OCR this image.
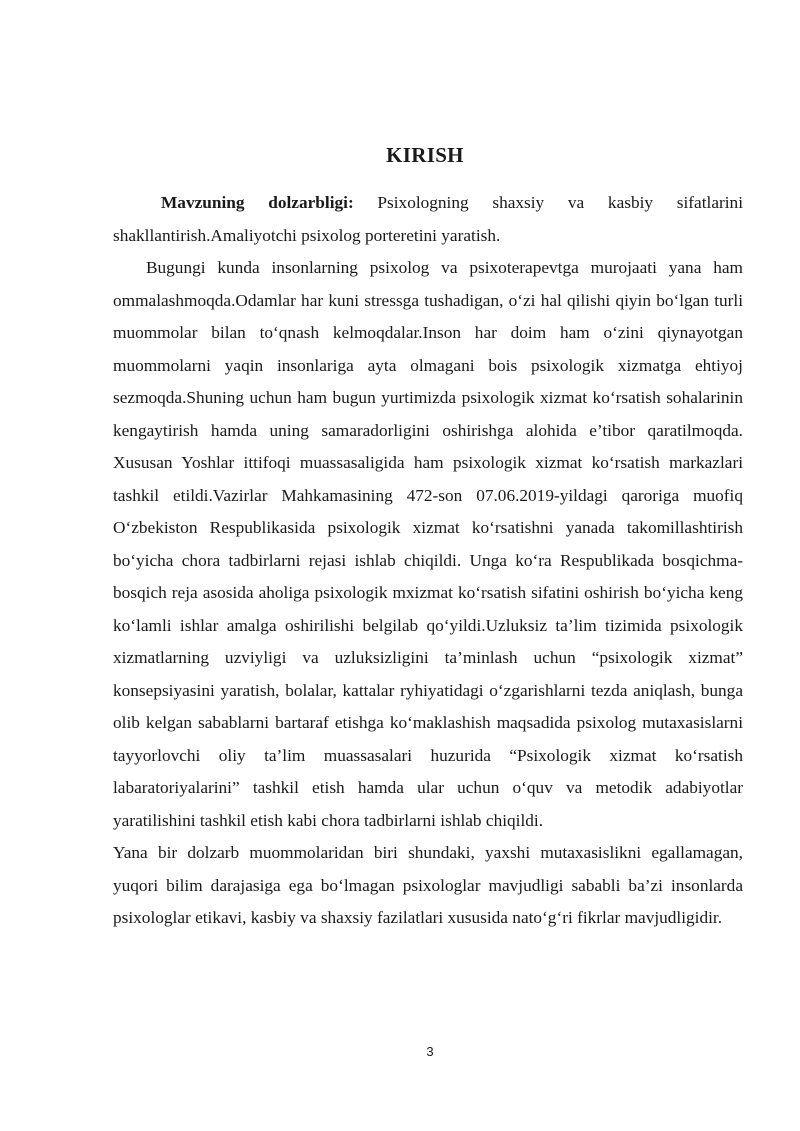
KIRISH

Mavzuning dolzarbligi: Psixologning shaxsiy va kasbiy sifatlarini shakllantirish.Amaliyotchi psixolog porteretini yaratish.

Bugungi kunda insonlarning psixolog va psixoterapevtga murojaati yana ham ommalashmoqda.Odamlar har kuni stressga tushadigan, o‘zi hal qilishi qiyin bo‘lgan turli muommolar bilan to‘qnash kelmoqdalar.Inson har doim ham o‘zini qiynayotgan muommolarni yaqin insonlariga ayta olmagani bois psixologik xizmatga ehtiyoj sezmoqda.Shuning uchun ham bugun yurtimizda psixologik xizmat ko‘rsatish sohalarinin kengaytirish hamda uning samaradorligini oshirishga alohida e’tibor qaratilmoqda. Xususan Yoshlar ittifoqi muassasaligida ham psixologik xizmat ko‘rsatish markazlari tashkil etildi.Vazirlar Mahkamasining 472-son 07.06.2019-yildagi qaroriga muofiq O‘zbekiston Respublikasida psixologik xizmat ko‘rsatishni yanada takomillashtirish bo‘yicha chora tadbirlarni rejasi ishlab chiqildi. Unga ko‘ra Respublikada bosqichma-bosqich reja asosida aholiga psixologik mxizmat ko‘rsatish sifatini oshirish bo‘yicha keng ko‘lamli ishlar amalga oshirilishi belgilab qo‘yildi.Uzluksiz ta’lim tizimida psixologik xizmatlarning uzviyligi va uzluksizligini ta’minlash uchun “psixologik xizmat” konsepsiyasini yaratish, bolalar, kattalar ryhiyatidagi o‘zgarishlarni tezda aniqlash, bunga olib kelgan sabablarni bartaraf etishga ko‘maklashish maqsadida psixolog mutaxasislarni tayyorlovchi oliy ta’lim muassasalari huzurida “Psixologik xizmat ko‘rsatish labaratoriyalarini” tashkil etish hamda ular uchun o‘quv va metodik adabiyotlar yaratilishini tashkil etish kabi chora tadbirlarni ishlab chiqildi.

Yana bir dolzarb muommolaridan biri shundaki, yaxshi mutaxasislikni egallamagan, yuqori bilim darajasiga ega bo‘lmagan psixologlar mavjudligi sababli ba’zi insonlarda psixologlar etikavi, kasbiy va shaxsiy fazilatlari xususida nato‘g‘ri fikrlar mavjudligidir.

3
